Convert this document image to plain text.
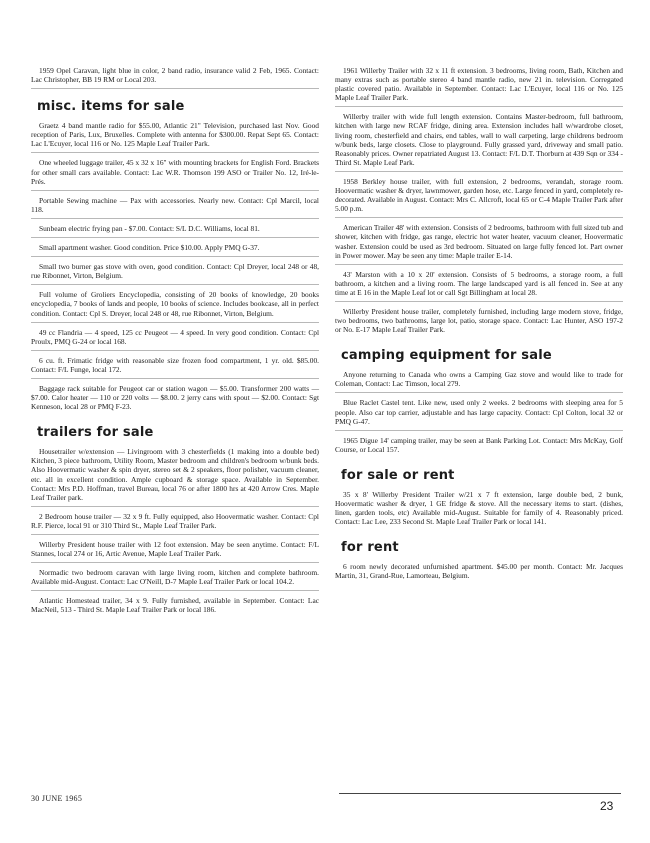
1959 Opel Caravan, light blue in color, 2 band radio, insurance valid 2 Feb, 1965. Contact: Lac Christopher, BB 19 RM or Local 203.

misc. items for sale

Graetz 4 band mantle radio for $55.00, Atlantic 21" Television, purchased last Nov. Good reception of Paris, Lux, Bruxelles. Complete with antenna for $300.00. Repat Sept 65. Contact: Lac L'Ecuyer, local 116 or No. 125 Maple Leaf Trailer Park.

One wheeled luggage trailer, 45 x 32 x 16" with mounting brackets for English Ford. Brackets for other small cars available. Contact: Lac W.R. Thomson 199 ASO or Trailer No. 12, Iré-le-Prés.

Portable Sewing machine — Pax with accessories. Nearly new. Contact: Cpl Marcil, local 118.

Sunbeam electric frying pan - $7.00. Contact: S/L D.C. Williams, local 81.

Small apartment washer. Good condition. Price $10.00. Apply PMQ G-37.

Small two burner gas stove with oven, good condition. Contact: Cpl Dreyer, local 248 or 48, rue Ribonnet, Virton, Belgium.

Full volume of Groliers Encyclopedia, consisting of 20 books of knowledge, 20 books encyclopedia, 7 books of lands and people, 10 books of science. Includes bookcase, all in perfect condition. Contact: Cpl S. Dreyer, local 248 or 48, rue Ribonnet, Virton, Belgium.

49 cc Flandria — 4 speed, 125 cc Peugeot — 4 speed. In very good condition. Contact: Cpl Proulx, PMQ G-24 or local 168.

6 cu. ft. Frimatic fridge with reasonable size frozen food compartment, 1 yr. old. $85.00. Contact: F/L Funge, local 172.

Baggage rack suitable for Peugeot car or station wagon — $5.00. Transformer 200 watts — $7.00. Calor heater — 110 or 220 volts — $8.00. 2 jerry cans with spout — $2.00. Contact: Sgt Kenneson, local 28 or PMQ F-23.

trailers for sale

Housetrailer w/extension — Livingroom with 3 chesterfields (1 making into a double bed) Kitchen, 3 piece bathroom, Utility Room, Master bedroom and children's bedroom w/bunk beds. Also Hoovermatic washer & spin dryer, stereo set & 2 speakers, floor polisher, vacuum cleaner, etc. all in excellent condition. Ample cupboard & storage space. Available in September. Contact: Mrs P.D. Hoffman, travel Bureau, local 76 or after 1800 hrs at 420 Arrow Cres. Maple Leaf Trailer park.

2 Bedroom house trailer — 32 x 9 ft. Fully equipped, also Hoovermatic washer. Contact: Cpl R.F. Pierce, local 91 or 310 Third St., Maple Leaf Trailer Park.

Willerby President house trailer with 12 foot extension. May be seen anytime. Contact: F/L Stannes, local 274 or 16, Artic Avenue, Maple Leaf Trailer Park.

Normadic two bedroom caravan with large living room, kitchen and complete bathroom. Available mid-August. Contact: Lac O'Neill, D-7 Maple Leaf Trailer Park or local 104.2.

Atlantic Homestead trailer, 34 x 9. Fully furnished, available in September. Contact: Lac MacNeil, 513 - Third St. Maple Leaf Trailer Park or local 186.

1961 Willerby Trailer with 32 x 11 ft extension. 3 bedrooms, living room, Bath, Kitchen and many extras such as portable stereo 4 band mantle radio, new 21 in. television. Corregated plastic covered patio. Available in September. Contact: Lac L'Ecuyer, local 116 or No. 125 Maple Leaf Trailer Park.

Willerby trailer with wide full length extension. Contains Master-bedroom, full bathroom, kitchen with large new RCAF fridge, dining area. Extension includes hall w/wardrobe closet, living room, chesterfield and chairs, end tables, wall to wall carpeting, large childrens bedroom w/bunk beds, large closets. Close to playground. Fully grassed yard, driveway and small patio. Reasonably prices. Owner repatriated August 13. Contact: F/L D.T. Thorburn at 439 Sqn or 334 - Third St. Maple Leaf Park.

1958 Berkley house trailer, with full extension, 2 bedrooms, verandah, storage room. Hoovermatic washer & dryer, lawnmower, garden hose, etc. Large fenced in yard, completely re-decorated. Available in August. Contact: Mrs C. Allcroft, local 65 or C-4 Maple Trailer Park after 5.00 p.m.

American Trailer 48' with extension. Consists of 2 bedrooms, bathroom with full sized tub and shower, kitchen with fridge, gas range, electric hot water heater, vacuum cleaner, Hoovermatic washer. Extension could be used as 3rd bedroom. Situated on large fully fenced lot. Part owner in Power mower. May be seen any time: Maple trailer E-14.

43' Marston with a 10 x 20' extension. Consists of 5 bedrooms, a storage room, a full bathroom, a kitchen and a living room. The large landscaped yard is all fenced in. See at any time at E 16 in the Maple Leaf lot or call Sgt Billingham at local 28.

Willerby President house trailer, completely furnished, including large modern stove, fridge, two bedrooms, two bathrooms, large lot, patio, storage space. Contact: Lac Hunter, ASO 197-2 or No. E-17 Maple Leaf Trailer Park.

camping equipment for sale

Anyone returning to Canada who owns a Camping Gaz stove and would like to trade for Coleman, Contact: Lac Timson, local 279.

Blue Raclet Castel tent. Like new, used only 2 weeks. 2 bedrooms with sleeping area for 5 people. Also car top carrier, adjustable and has large capacity. Contact: Cpl Colton, local 32 or PMQ G-47.

1965 Digue 14' camping trailer, may be seen at Bank Parking Lot. Contact: Mrs McKay, Golf Course, or Local 157.

for sale or rent

35 x 8' Willerby President Trailer w/21 x 7 ft extension, large double bed, 2 bunk, Hoovermatic washer & dryer, 1 GE fridge & stove. All the necessary items to start. (dishes, linen, garden tools, etc) Available mid-August. Suitable for family of 4. Reasonably priced. Contact: Lac Lee, 233 Second St. Maple Leaf Trailer Park or local 141.

for rent

6 room newly decorated unfurnished apartment. $45.00 per month. Contact: Mr. Jacques Martin, 31, Grand-Rue, Lamorteau, Belgium.

30 JUNE 1965
23
